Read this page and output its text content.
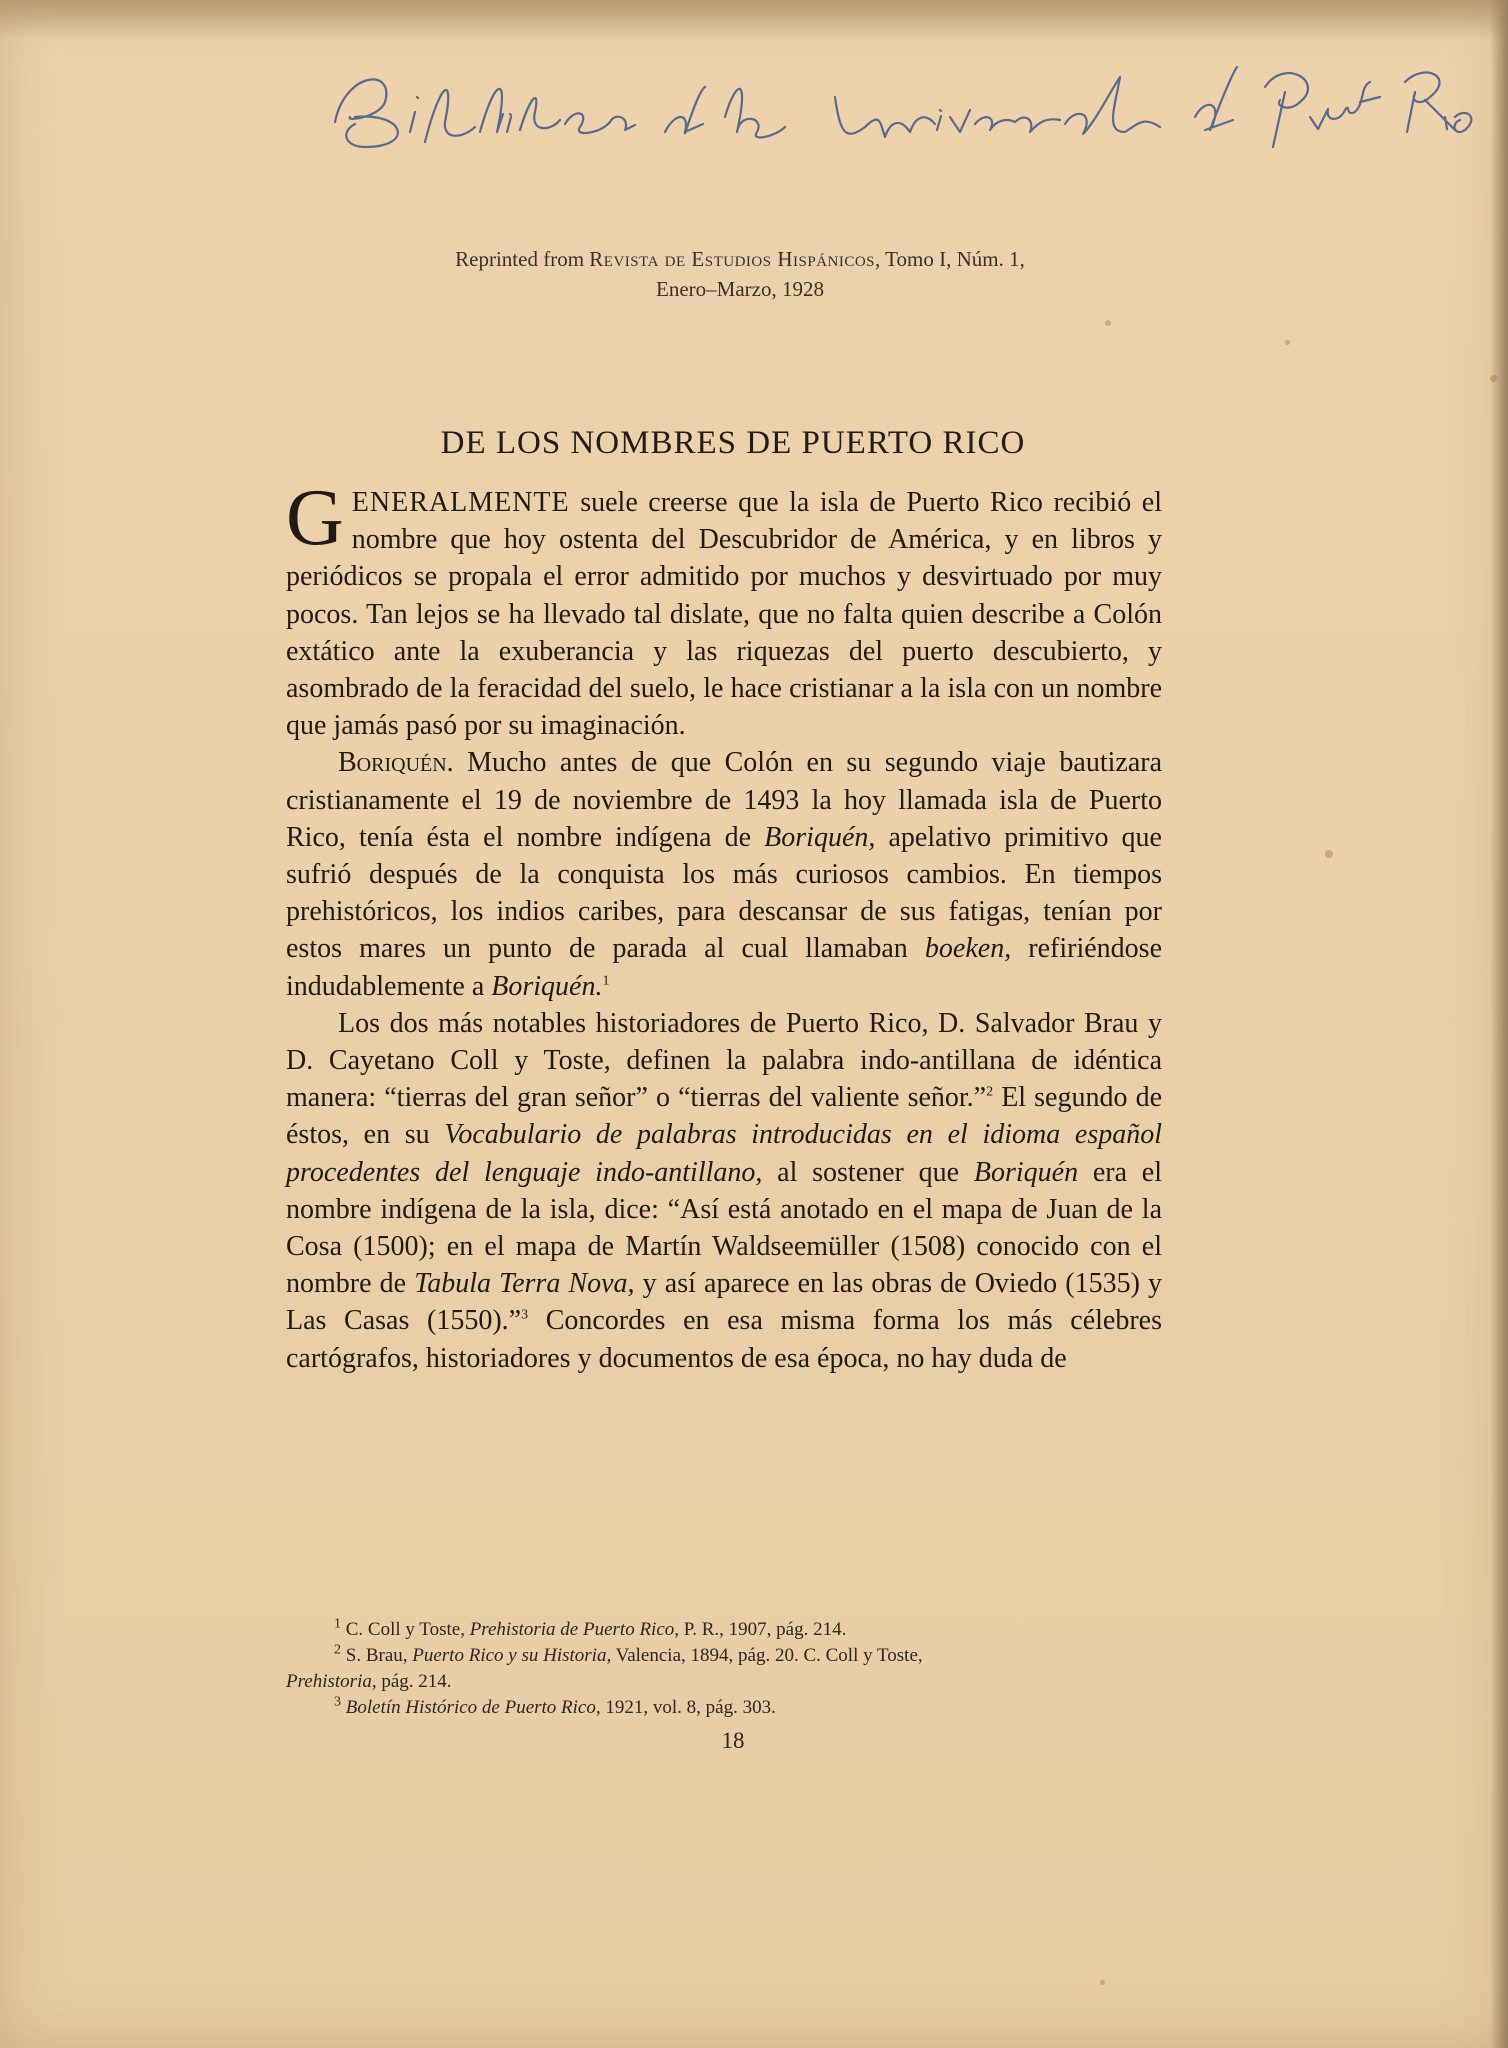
Reprinted from Revista de Estudios Hispánicos, Tomo I, Núm. 1,
Enero–Marzo, 1928
DE LOS NOMBRES DE PUERTO RICO

GENERALMENTE suele creerse que la isla de Puerto Rico recibió el nombre que hoy ostenta del Descubridor de América, y en libros y periódicos se propala el error admitido por muchos y desvirtuado por muy pocos. Tan lejos se ha llevado tal dislate, que no falta quien describe a Colón extático ante la exuberancia y las riquezas del puerto descubierto, y asombrado de la feracidad del suelo, le hace cristianar a la isla con un nombre que jamás pasó por su imaginación.

Boriquén. Mucho antes de que Colón en su segundo viaje bautizara cristianamente el 19 de noviembre de 1493 la hoy llamada isla de Puerto Rico, tenía ésta el nombre indígena de Boriquén, apelativo primitivo que sufrió después de la conquista los más curiosos cambios. En tiempos prehistóricos, los indios caribes, para descansar de sus fatigas, tenían por estos mares un punto de parada al cual llamaban boeken, refiriéndose indudablemente a Boriquén.$^1$

Los dos más notables historiadores de Puerto Rico, D. Salvador Brau y D. Cayetano Coll y Toste, definen la palabra indo-antillana de idéntica manera: “tierras del gran señor” o “tierras del valiente señor.”$^2$ El segundo de éstos, en su Vocabulario de palabras introducidas en el idioma español procedentes del lenguaje indo-antillano, al sostener que Boriquén era el nombre indígena de la isla, dice: “Así está anotado en el mapa de Juan de la Cosa (1500); en el mapa de Martín Waldseemüller (1508) conocido con el nombre de Tabula Terra Nova, y así aparece en las obras de Oviedo (1535) y Las Casas (1550).”$^3$ Concordes en esa misma forma los más célebres cartógrafos, historiadores y documentos de esa época, no hay duda de

$^1$ C. Coll y Toste, Prehistoria de Puerto Rico, P. R., 1907, pág. 214.
$^2$ S. Brau, Puerto Rico y su Historia, Valencia, 1894, pág. 20. C. Coll y Toste,
Prehistoria, pág. 214.
$^3$ Boletín Histórico de Puerto Rico, 1921, vol. 8, pág. 303.
18
